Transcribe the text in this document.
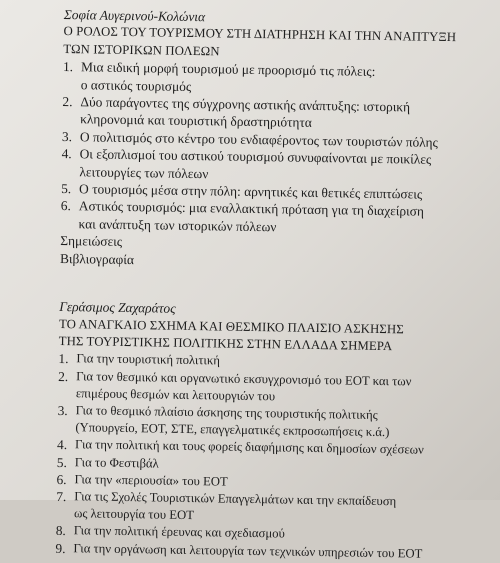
Σοφία Αυγερινού-Κολώνια

Ο ΡΟΛΟΣ ΤΟΥ ΤΟΥΡΙΣΜΟΥ ΣΤΗ ΔΙΑΤΗΡΗΣΗ ΚΑΙ ΤΗΝ ΑΝΑΠΤΥΞΗ

ΤΩΝ ΙΣΤΟΡΙΚΩΝ ΠΟΛΕΩΝ

1. Μια ειδική μορφή τουρισμού με προορισμό τις πόλεις:
ο αστικός τουρισμός
2. Δύο παράγοντες της σύγχρονης αστικής ανάπτυξης: ιστορική
κληρονομιά και τουριστική δραστηριότητα
3. Ο πολιτισμός στο κέντρο του ενδιαφέροντος των τουριστών πόλης
4. Οι εξοπλισμοί του αστικού τουρισμού συνυφαίνονται με ποικίλες
λειτουργίες των πόλεων
5. Ο τουρισμός μέσα στην πόλη: αρνητικές και θετικές επιπτώσεις
6. Αστικός τουρισμός: μια εναλλακτική πρόταση για τη διαχείριση
και ανάπτυξη των ιστορικών πόλεων

Σημειώσεις

Βιβλιογραφία

Γεράσιμος Ζαχαράτος

ΤΟ ΑΝΑΓΚΑΙΟ ΣΧΗΜΑ ΚΑΙ ΘΕΣΜΙΚΟ ΠΛΑΙΣΙΟ ΑΣΚΗΣΗΣ

ΤΗΣ ΤΟΥΡΙΣΤΙΚΗΣ ΠΟΛΙΤΙΚΗΣ ΣΤΗΝ ΕΛΛΑΔΑ ΣΗΜΕΡΑ

1. Για την τουριστική πολιτική
2. Για τον θεσμικό και οργανωτικό εκσυγχρονισμό του ΕΟΤ και των
επιμέρους θεσμών και λειτουργιών του
3. Για το θεσμικό πλαίσιο άσκησης της τουριστικής πολιτικής
(Υπουργείο, ΕΟΤ, ΣΤΕ, επαγγελματικές εκπροσωπήσεις κ.ά.)
4. Για την πολιτική και τους φορείς διαφήμισης και δημοσίων σχέσεων
5. Για το Φεστιβάλ
6. Για την «περιουσία» του ΕΟΤ
7. Για τις Σχολές Τουριστικών Επαγγελμάτων και την εκπαίδευση
ως λειτουργία του ΕΟΤ
8. Για την πολιτική έρευνας και σχεδιασμού
9. Για την οργάνωση και λειτουργία των τεχνικών υπηρεσιών του ΕΟΤ
